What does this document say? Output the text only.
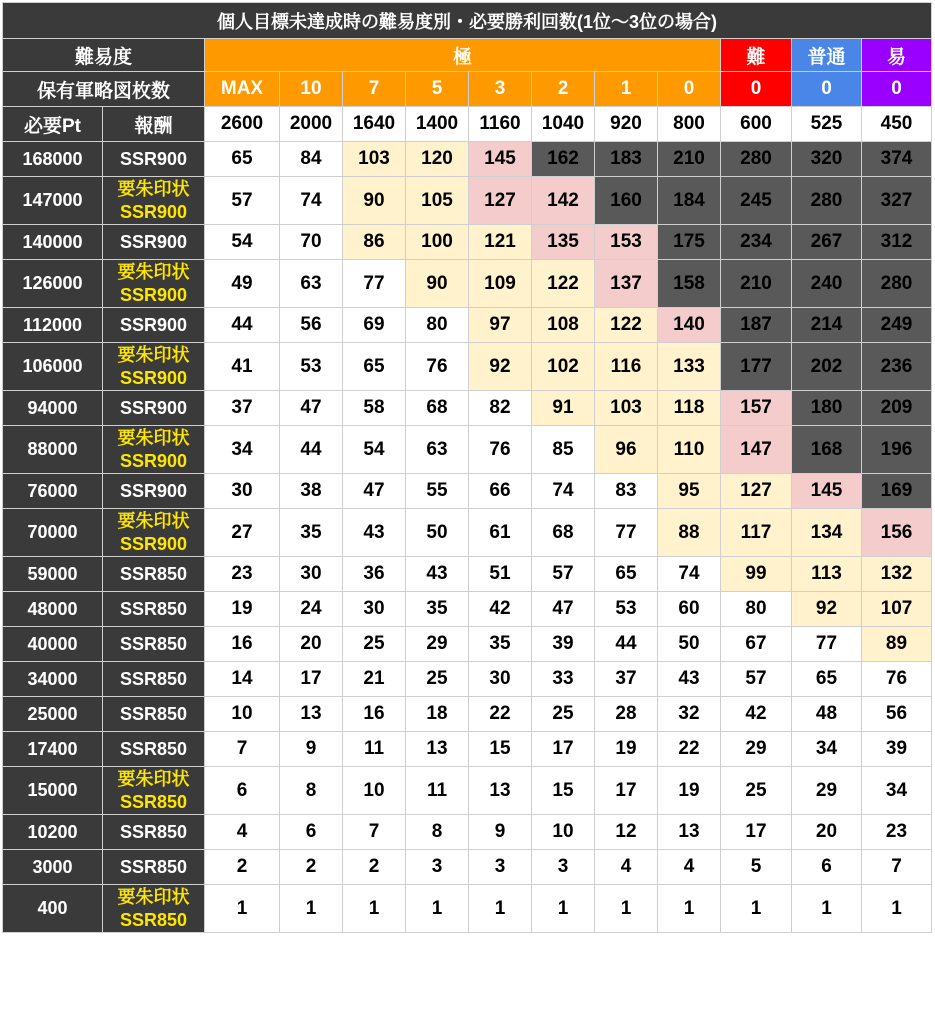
個人目標未達成時の難易度別・必要勝利回数(1位～3位の場合)												
難易度		極								難	普通	易
保有軍略図枚数		MAX	10	7	5	3	2	1	0	0	0	0
必要Pt	報酬	2600	2000	1640	1400	1160	1040	920	800	600	525	450
168000	SSR900	65	84	103	120	145	162	183	210	280	320	374
147000	要朱印状
SSR900	57	74	90	105	127	142	160	184	245	280	327
140000	SSR900	54	70	86	100	121	135	153	175	234	267	312
126000	要朱印状
SSR900	49	63	77	90	109	122	137	158	210	240	280
112000	SSR900	44	56	69	80	97	108	122	140	187	214	249
106000	要朱印状
SSR900	41	53	65	76	92	102	116	133	177	202	236
94000	SSR900	37	47	58	68	82	91	103	118	157	180	209
88000	要朱印状
SSR900	34	44	54	63	76	85	96	110	147	168	196
76000	SSR900	30	38	47	55	66	74	83	95	127	145	169
70000	要朱印状
SSR900	27	35	43	50	61	68	77	88	117	134	156
59000	SSR850	23	30	36	43	51	57	65	74	99	113	132
48000	SSR850	19	24	30	35	42	47	53	60	80	92	107
40000	SSR850	16	20	25	29	35	39	44	50	67	77	89
34000	SSR850	14	17	21	25	30	33	37	43	57	65	76
25000	SSR850	10	13	16	18	22	25	28	32	42	48	56
17400	SSR850	7	9	11	13	15	17	19	22	29	34	39
15000	要朱印状
SSR850	6	8	10	11	13	15	17	19	25	29	34
10200	SSR850	4	6	7	8	9	10	12	13	17	20	23
3000	SSR850	2	2	2	3	3	3	4	4	5	6	7
400	要朱印状
SSR850	1	1	1	1	1	1	1	1	1	1	1
